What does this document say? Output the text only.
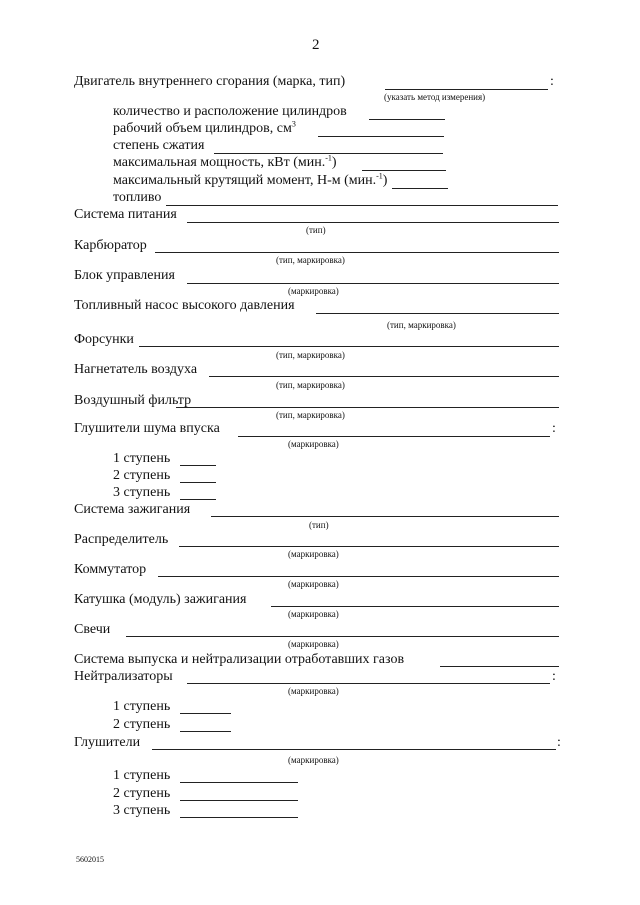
2
Двигатель внутреннего сгорания (марка, тип)	:
(указать метод измерения)
количество и расположение цилиндров
рабочий объем цилиндров, $см^3$
степень сжатия
максимальная мощность, кВт (мин.$^{-1}$)
максимальный крутящий момент, Н-м (мин.$^{-1}$)
топливо
Система питания
(тип)
Карбюратор
(тип, маркировка)
Блок управления
(маркировка)
Топливный насос высокого давления
(тип, маркировка)
Форсунки
(тип, маркировка)
Нагнетатель воздуха
(тип, маркировка)
Воздушный фильтр
(тип, маркировка)
Глушители шума впуска	:
(маркировка)
1 ступень
2 ступень
3 ступень
Система зажигания
(тип)
Распределитель
(маркировка)
Коммутатор
(маркировка)
Катушка (модуль) зажигания
(маркировка)
Свечи
(маркировка)
Система выпуска и нейтрализации отработавших газов
Нейтрализаторы	:
(маркировка)
1 ступень
2 ступень
Глушители	:
(маркировка)
1 ступень
2 ступень
3 ступень
5602015
